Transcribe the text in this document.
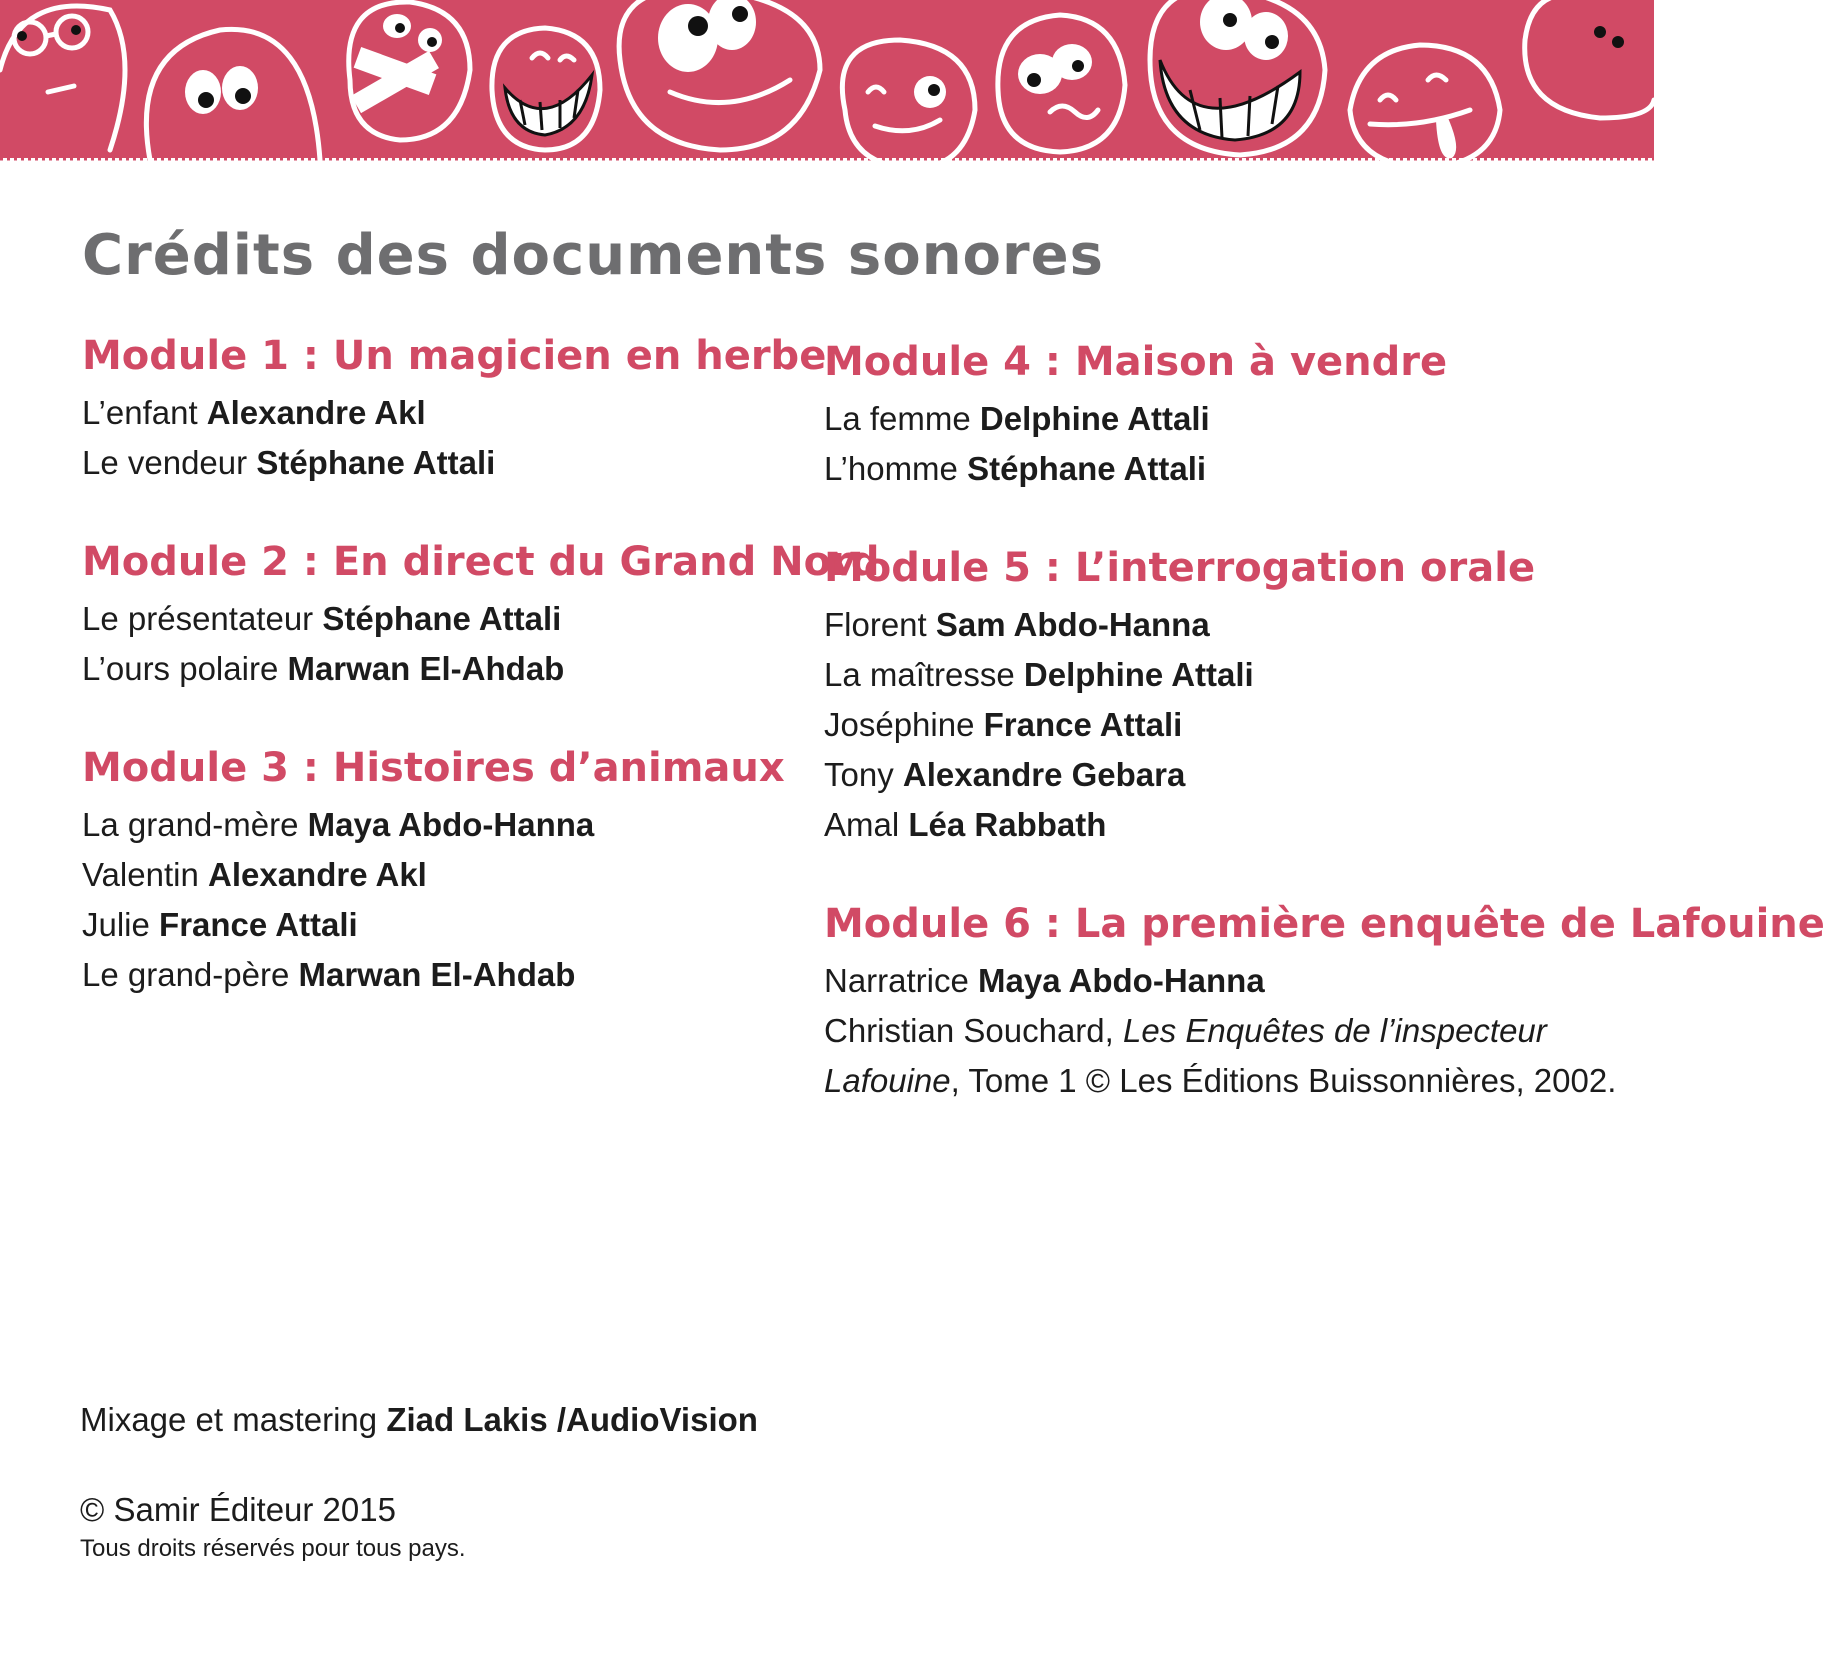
Crédits des documents sonores
Module 1 : Un magicien en herbe

L’enfant Alexandre Akl

Le vendeur Stéphane Attali

Module 2 : En direct du Grand Nord

Le présentateur Stéphane Attali

L’ours polaire Marwan El-Ahdab

Module 3 : Histoires d’animaux

La grand-mère Maya Abdo-Hanna

Valentin Alexandre Akl

Julie France Attali

Le grand-père Marwan El-Ahdab

Module 4 : Maison à vendre

La femme Delphine Attali

L’homme Stéphane Attali

Module 5 : L’interrogation orale

Florent Sam Abdo-Hanna

La maîtresse Delphine Attali

Joséphine France Attali

Tony Alexandre Gebara

Amal Léa Rabbath

Module 6 : La première enquête de Lafouine

Narratrice Maya Abdo-Hanna

Christian Souchard, Les Enquêtes de l’inspecteur

Lafouine, Tome 1 © Les Éditions Buissonnières, 2002.

Mixage et mastering Ziad Lakis /AudioVision

© Samir Éditeur 2015

Tous droits réservés pour tous pays.
